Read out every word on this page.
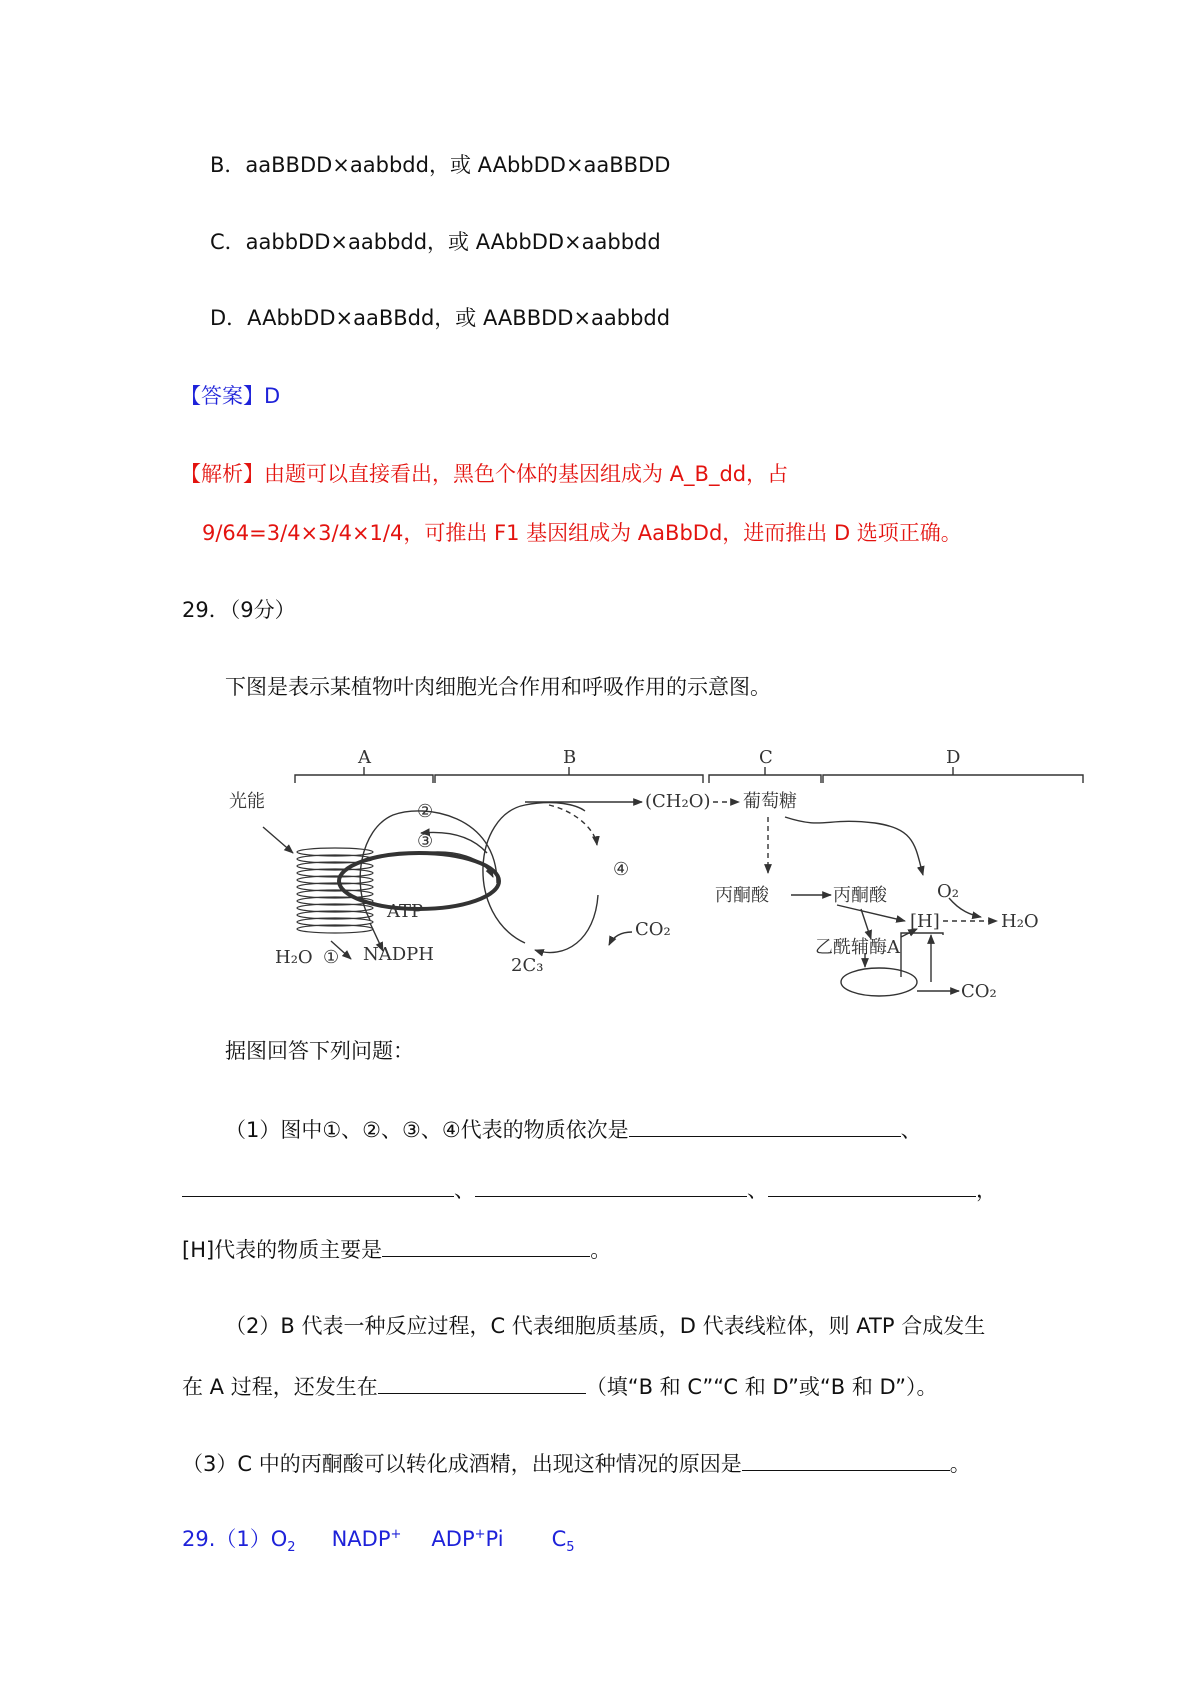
B．aaBBDD×aabbdd，或 AAbbDD×aaBBDD
C．aabbDD×aabbdd，或 AAbbDD×aabbdd
D．AAbbDD×aaBBdd，或 AABBDD×aabbdd
【答案】D
【解析】由题可以直接看出，黑色个体的基因组成为 A_B_dd，占
9/64=3/4×3/4×1/4，可推出 F1 基因组成为 AaBbDd，进而推出 D 选项正确。
29．（9分）
下图是表示某植物叶肉细胞光合作用和呼吸作用的示意图。
A	B	C	D
光能	②
③
④
ATP
H₂O ① NADPH
(CH₂O) 葡萄糖
CO₂
2C₃
丙酮酸	丙酮酸
[H]
O₂
H₂O
乙酰辅酶A
CO₂
据图回答下列问题：
（1）图中①、②、③、④代表的物质依次是	、
、	、	，
[H]代表的物质主要是	。
（2）B 代表一种反应过程，C 代表细胞质基质，D 代表线粒体，则 ATP 合成发生
在 A 过程，还发生在	（填“B 和 C”“C 和 D”或“B 和 D”）。
（3）C 中的丙酮酸可以转化成酒精，出现这种情况的原因是	。
$29.(1)O_2$ NADP+ ADP+Pi $C_5$
